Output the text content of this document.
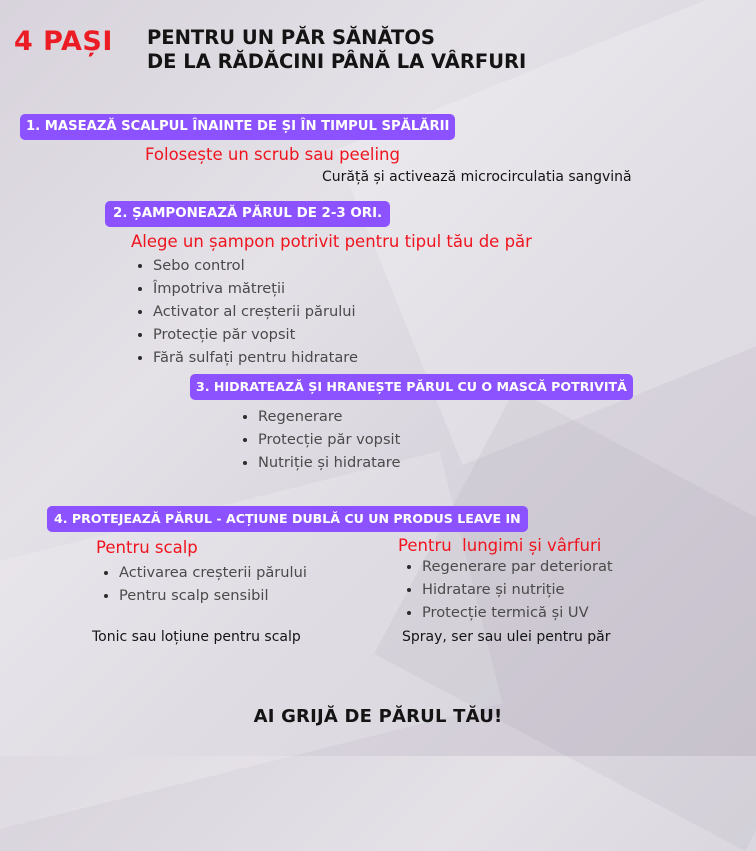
4 PAȘI PENTRU UN PĂR SĂNĂTOS
DE LA RĂDĂCINI PÂNĂ LA VÂRFURI
1. MASEAZĂ SCALPUL ÎNAINTE DE ȘI ÎN TIMPUL SPĂLĂRII
Folosește un scrub sau peeling
Curăță și activează microcirculatia sangvină
2. ȘAMPONEAZĂ PĂRUL DE 2-3 ORI.
Alege un șampon potrivit pentru tipul tău de păr
Sebo control
Împotriva mătreții
Activator al creșterii părului
Protecție păr vopsit
Fără sulfați pentru hidratare
3. HIDRATEAZĂ ȘI HRANEȘTE PĂRUL CU O MASCĂ POTRIVITĂ
Regenerare
Protecție păr vopsit
Nutriție și hidratare
4. PROTEJEAZĂ PĂRUL - ACȚIUNE DUBLĂ CU UN PRODUS LEAVE IN
Pentru scalp
Activarea creșterii părului
Pentru scalp sensibil
Tonic sau loțiune pentru scalp
Pentru  lungimi și vârfuri
Regenerare par deteriorat
Hidratare și nutriție
Protecție termică și UV
Spray, ser sau ulei pentru păr
AI GRIJĂ DE PĂRUL TĂU!
